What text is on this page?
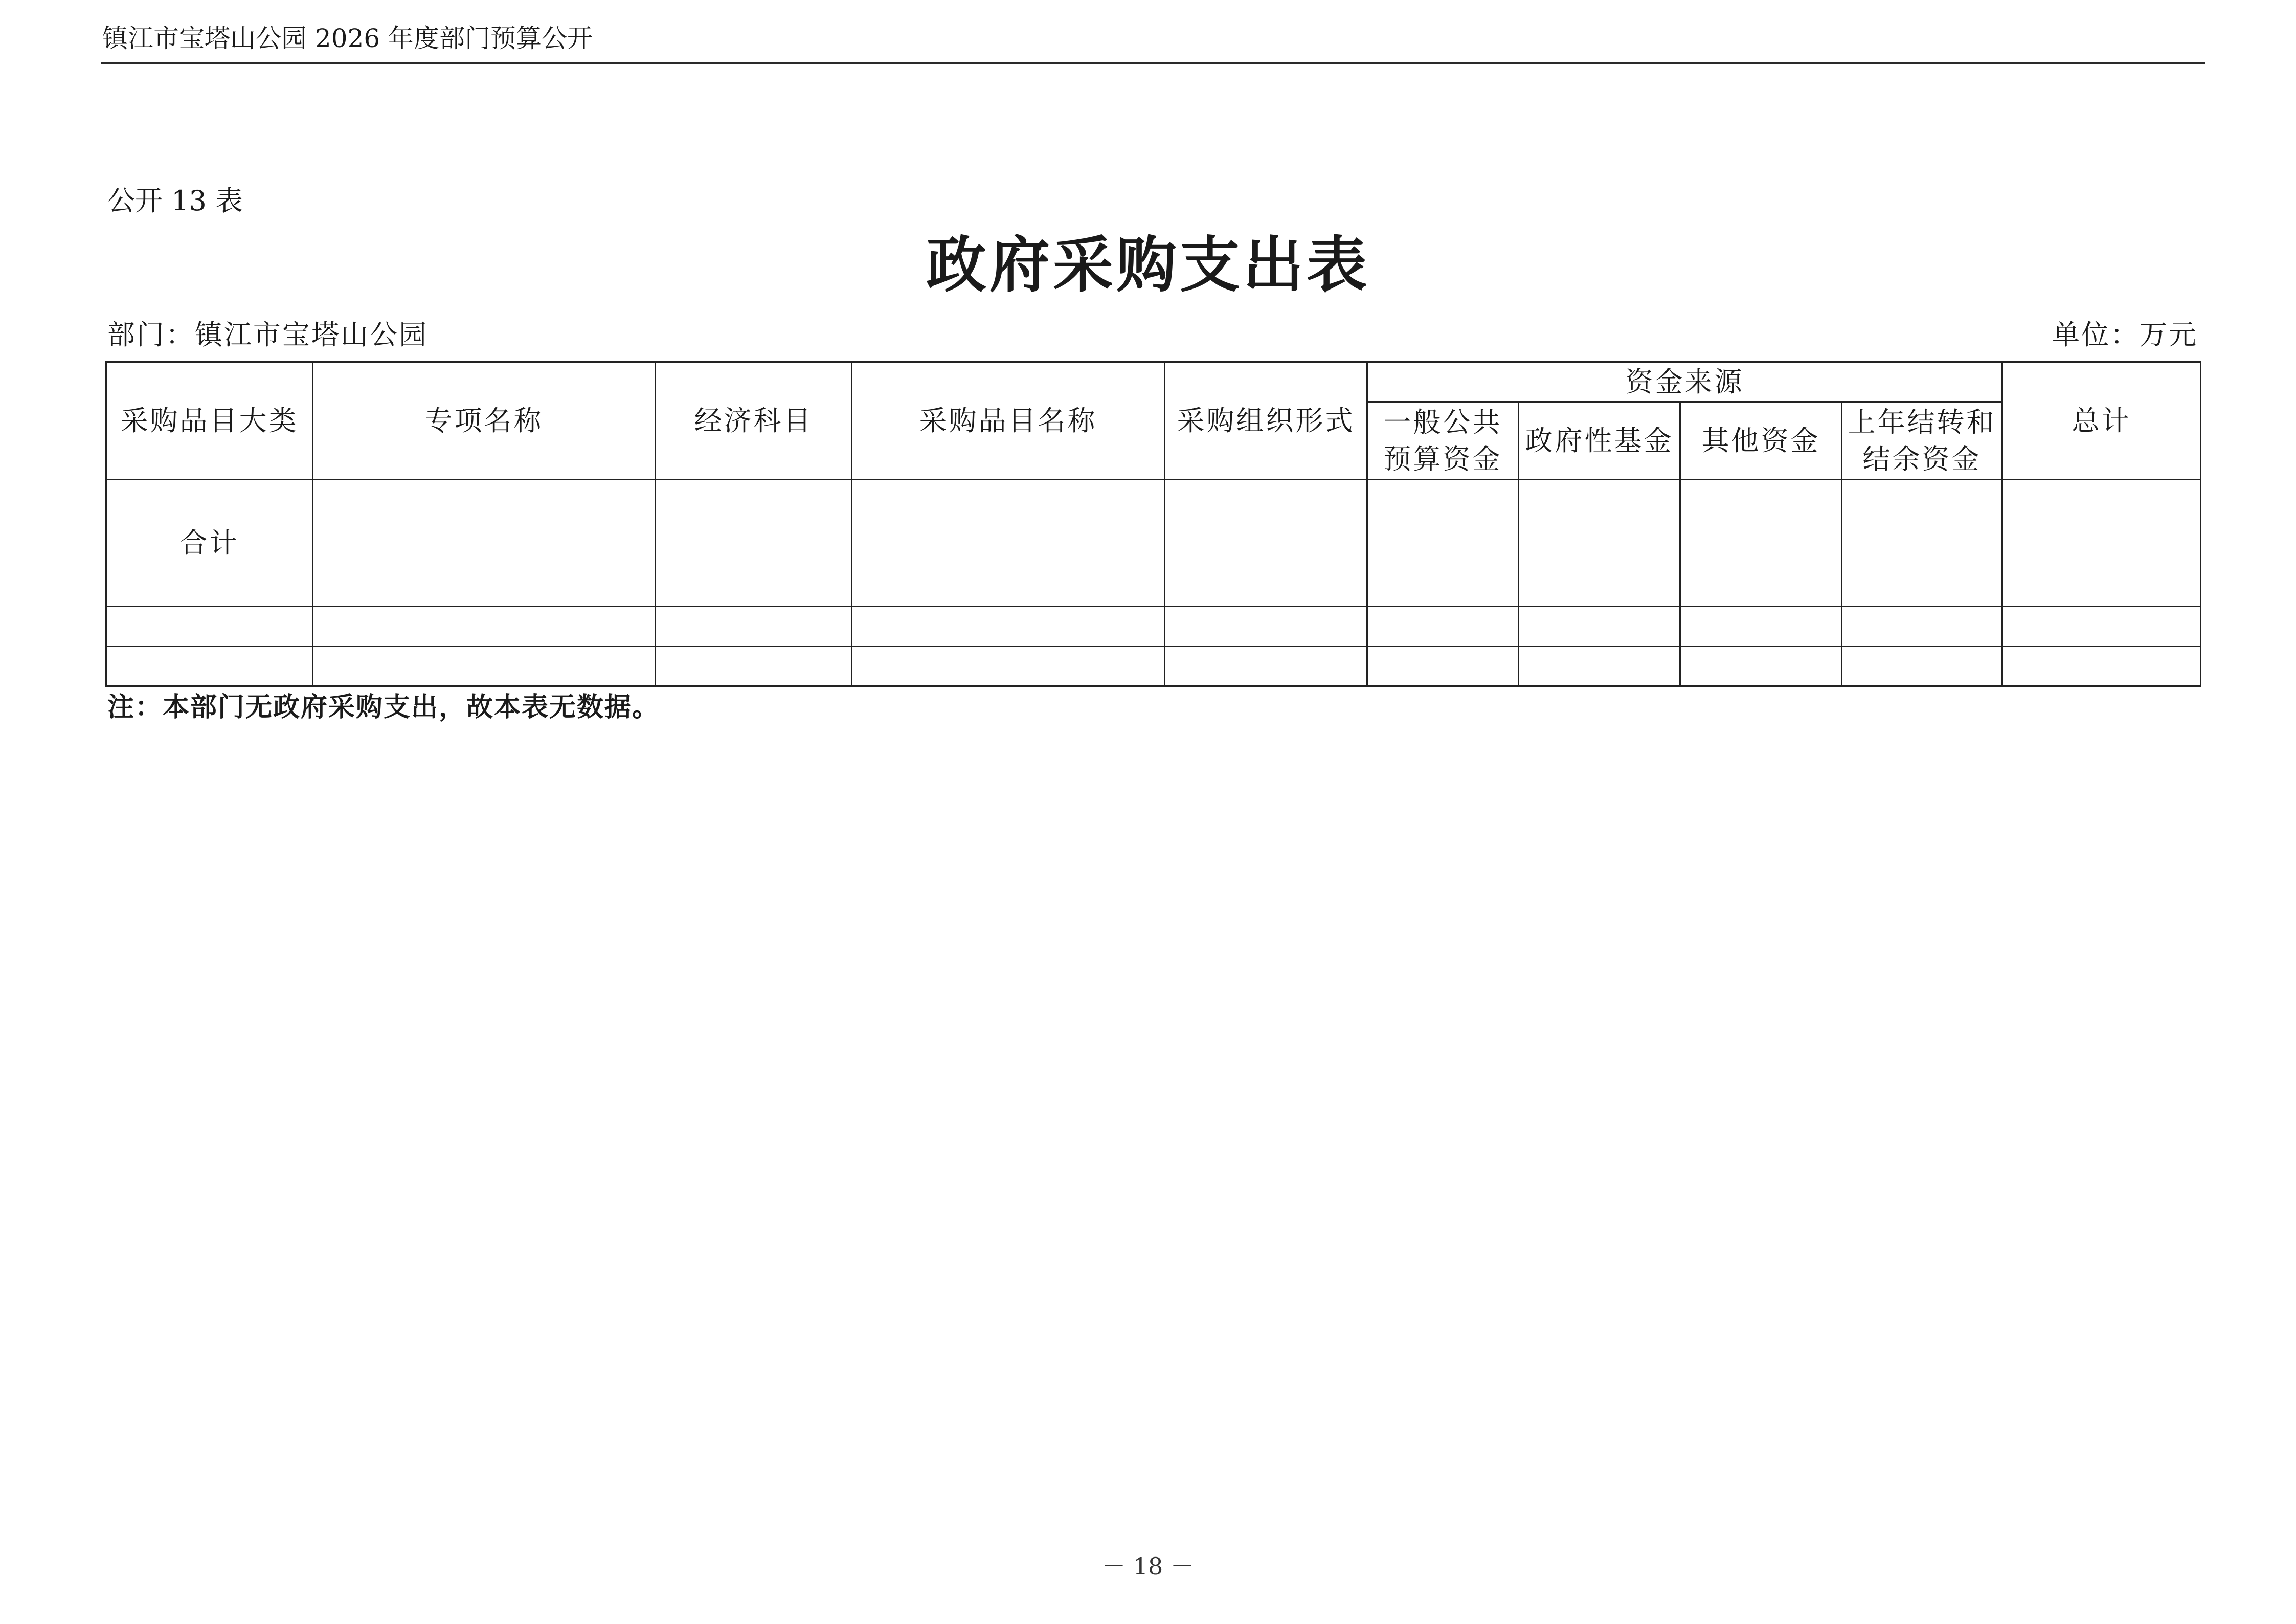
镇江市宝塔山公园 2026 年度部门预算公开
公开 13 表
政府采购支出表
部门：镇江市宝塔山公园	单位：万元
采购品目大类	专项名称	经济科目	采购品目名称	采购组织形式	资金来源				总计
					一般公共预算资金	政府性基金	其他资金	上年结转和结余资金	
合计									

注：本部门无政府采购支出，故本表无数据。
－ 18 －
